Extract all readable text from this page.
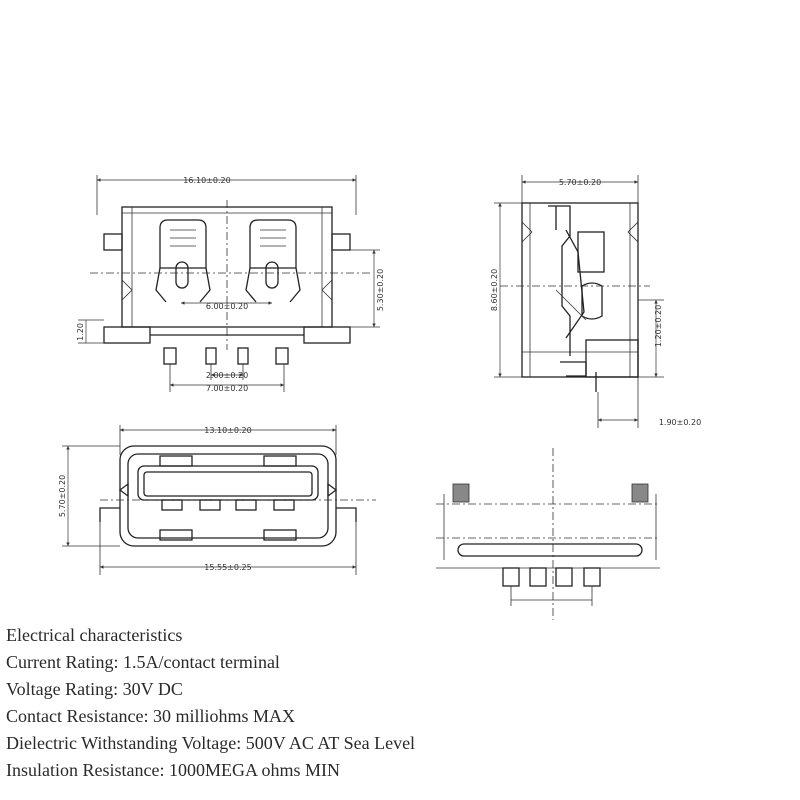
16.10±0.20
6.00±0.20	5.30±0.20
1.20
2.00±0.20
7.00±0.20
5.70±0.20
8.60±0.20
1.20±0.20
1.90±0.20
13.10±0.20
5.70±0.20
15.55±0.25
Electrical characteristics
Current Rating: 1.5A/contact terminal
Voltage Rating: 30V DC
Contact Resistance: 30 milliohms MAX
Dielectric Withstanding Voltage: 500V AC AT Sea Level
Insulation Resistance: 1000MEGA ohms MIN
